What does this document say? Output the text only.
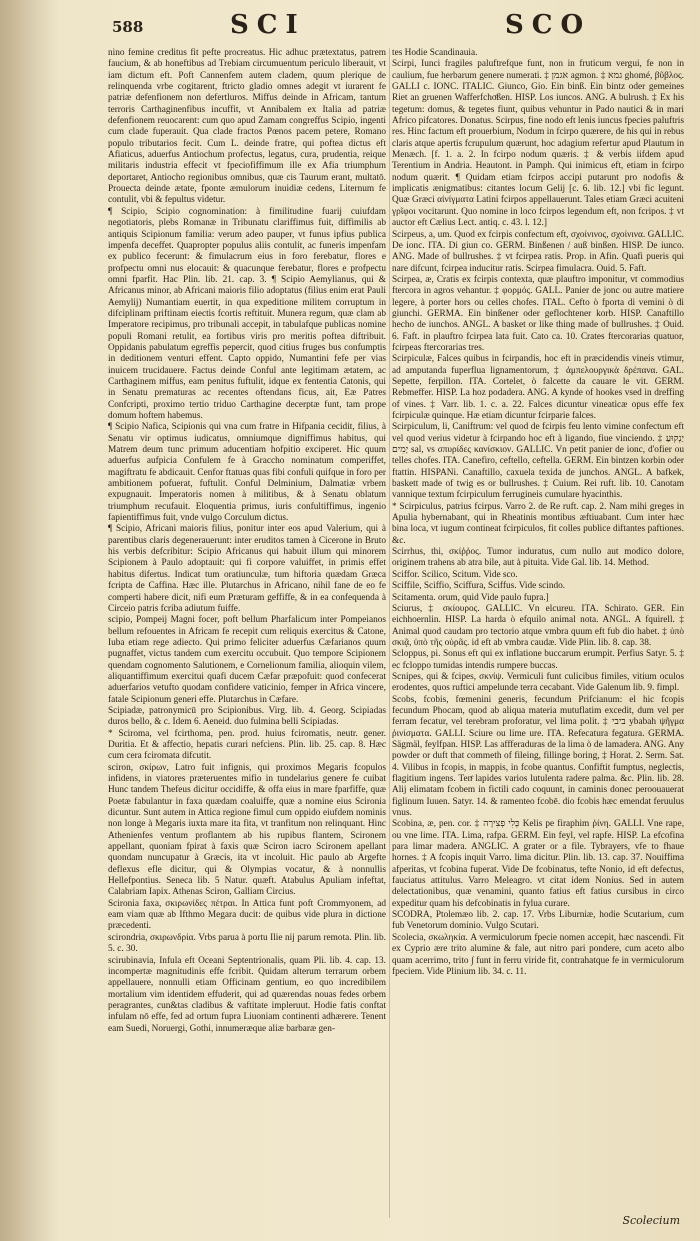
588	SCI	SCO

nino femine creditus fit pefte procreatus. Hic adhuc prætextatus, patrem faucium, & ab honeftibus ad Trebiam circumuentum periculo liberauit, vt iam dictum eft. Poft Cannenfem autem cladem, quum plerique de relinquenda vrbe cogitarent, ftricto gladio omnes adegit vt iurarent fe patriæ defenfionem non defertluros. Miffus deinde in Africam, tantum terroris Carthaginenfibus incuffit, vt Annibalem ex Italia ad patriæ defenfionem reuocarent: cum quo apud Zamam congreffus Scipio, ingenti cum clade fuperauit. Qua clade fractos Pœnos pacem petere, Romano populo tributarios fecit. Cum L. deinde fratre, qui poftea dictus eft Afiaticus, aduerfus Antiochum profectus, legatus, cura, prudentia, reique militaris industria effecit vt fpeciofiffimum ille ex Afia triumphum deportaret, Antiocho regionibus omnibus, quæ cis Taurum erant, multatō. Prouecta deinde ætate, fponte æmulorum inuidiæ cedens, Liternum fe contulit, vbi & fepultus videtur.

¶ Scipio, Scipio cognomination: à fimilitudine fuarij cuiufdam negotiatoris, plebs Romanæ in Tribunatu clariffimus fuit, diffimilis ab antiquis Scipionum familia: verum adeo pauper, vt funus ipfius publica impenfa deceffet. Quapropter populus aliis contulit, ac funeris impenfam ex publico fecerunt: & fimulacrum eius in foro ferebatur, flores e profpectu omni nus elocauit: & quacunque ferebatur, flores e profpectu omni fparfit. Hac Plin. lib. 21. cap. 3. ¶ Scipio Aemylianus, qui & Africanus minor, ab Africani maioris filio adoptatus (filius enim erat Pauli Aemylij) Numantiam euertit, in qua expeditione militem corruptum in difciplinam priftinam eiectis fcortis reftituit. Munera regum, quæ clam ab Imperatore recipimus, pro tribunali accepit, in tabulafque publicas nomine populi Romani retulit, ea fortibus viris pro meritis poftea diftribuit. Oppidanis pabulatum egreffis pepercit, quod citius fruges bus confumptis in deditionem venturi effent. Capto oppido, Numantini fefe per vias inuicem trucidauere. Factus deinde Conful ante legitimam ætatem, ac Carthaginem miffus, eam penitus fuftulit, idque ex fententia Catonis, qui in Senatu prematuras ac recentes oftendans ficus, ait, Eæ Patres Confcripti, proximo tertio triduo Carthagine decerptæ funt, tam prope domum hoftem habemus.

¶ Scipio Nafica, Scipionis qui vna cum fratre in Hifpania cecidit, filius, à Senatu vir optimus iudicatus, omniumque digniffimus habitus, qui Matrem deum tunc primum aducentiam hofpitio exciperet. Hic quum aduerfus aufpicia Confulem fe à Graccho nominatum comperiffet, magiftratu fe abdicauit. Cenfor ftatuas quas fibi confuli quifque in foro per ambitionem pofuerat, fuftulit. Conful Delminium, Dalmatiæ vrbem expugnauit. Imperatoris nomen à militibus, & à Senatu oblatum triumphum recufauit. Eloquentia primus, iuris confultiffimus, ingenio fapientiffimus fuit, vnde vulgo Corculum dictus.

¶ Scipio, Africani maioris filius, ponitur inter eos apud Valerium, qui à parentibus claris degenerauerunt: inter eruditos tamen à Cicerone in Bruto his verbis defcribitur: Scipio Africanus qui habuit illum qui minorem Scipionem à Paulo adoptauit: qui fi corpore valuiffet, in primis effet habitus difertus. Indicat tum oratiunculæ, tum hiftoria quædam Græca fcripta de Caffina. Hæc ille. Plutarchus in Africano, nihil fane de eo fe comperti habere dicit, nifi eum Præturam geffiffe, & in ea confequenda à Circeio patris fcriba adiutum fuiffe.

scipio, Pompeij Magni focer, poft bellum Pharfalicum inter Pompeianos bellum refouentes in Africam fe recepit cum reliquis exercitus & Catone, Iuba etiam rege adiecto. Qui primo feliciter aduerfus Cæfarianos quum pugnaffet, victus tandem cum exercitu occubuit. Quo tempore Scipionem quendam cognomento Salutionem, e Cornelionum familia, alioquin vilem, aliquantiffimum exercitui quafi ducem Cæfar præpofuit: quod confecerat aduerfarios vetufto quodam confidere vaticinio, femper in Africa vincere, fatale Scipionum generi effe. Plutarchus in Cæfare.

Scipiadæ, patronymicū pro Scipionibus. Virg. lib. 4. Georg. Scipiadas duros bello, & c. Idem 6. Aeneid. duo fulmina belli Scipiadas.

* Sciroma, vel fcirthoma, pen. prod. huius fciromatis, neutr. gener. Duritia. Et & affectio, hepatis curari nefciens. Plin. lib. 25. cap. 8. Hæc cum cera fciromata difcutit.

sciron, σκίρων, Latro fuit infignis, qui proximos Megaris fcopulos infidens, in viatores præteruentes mifio in tundelarius genere fe cuibat Hunc tandem Thefeus dicitur occidiffe, & offa eius in mare fparfiffe, quæ Poetæ fabulantur in faxa quædam coaluiffe, quæ a nomine eius Scironia dicuntur. Sunt autem in Attica regione fimul cum oppido eiufdem nominis non longe à Megaris iuxta mare ita fita, vt tranfitum non relinquant. Hinc Athenienfes ventum proflantem ab his rupibus flantem, Scironem appellant, quoniam fpirat à faxis quæ Sciron iacro Scironem apellant quondam nuncupatur à Græcis, ita vt incoluit. Hic paulo ab Argefte deflexus efle dicitur, qui & Olympias vocatur, & à nonnullis Hellefpontius. Seneca lib. 5 Natur. quæft. Atabulus Apuliam infeftat, Calabriam Iapix. Athenas Sciron, Galliam Circius.

Scironia faxa, σκιρωνίδες πέτραι. In Attica funt poft Crommyonem, ad eam viam quæ ab Ifthmo Megara ducit: de quibus vide plura in dictione præcedenti.

scirondria, σκιρωνδρία. Vrbs parua à portu Ilie nij parum remota. Plin. lib. 5. c. 30.

scirubinavia, Infula eft Oceani Septentrionalis, quam Pli. lib. 4. cap. 13. incompertæ magnitudinis effe fcribit. Quidam alterum terrarum orbem appellauere, nonnulli etiam Officinam gentium, eo quo incredibilem mortalium vim identidem effuderit, qui ad quærendas nouas fedes orbem peragrantes, cun&tas cladibus & vaftitate impleruut. Hodie fatis conftat infulam nō effe, fed ad ortum fupra Liuoniam continenti adhærere. Tenent eam Suedi, Noruergi, Gothi, innumeræque aliæ barbaræ gen-

tes Hodie Scandinauia.

Scirpi, Iunci fragiles paluftrefque funt, non in fruticum vergui, fe non in caulium, fue herbarum genere numerati. ‡ אגמן agmon. ‡ גמא ghomé, βῦβλος. GALLI c. IONC. ITALIC. Giunco, Gio. Ein binß. Ein bintz oder gemeines Riet an gruenen Wafferfchoͤßen. HISP. Los iuncos. ANG. A bulrush. ‡ Ex his tegetum: domus, & tegetes fiunt, quibus vehuntur in Pado nautici & in mari Africo pifcatores. Donatus. Scirpus, fine nodo eft lenis iuncus fpecies paluftris res. Hinc factum eft prouerbium, Nodum in fcirpo quærere, de his qui in rebus claris atque apertis fcrupulum quærunt, hoc adagium refertur apud Plautum in Menæch. [f. 1. a. 2. In fcirpo nodum quæris. ‡ & verbis iifdem apud Terentium in Andria. Heautont. in Pamph. Qui inimicus eft, etiam in fcirpo nodum quærit. ¶ Quidam etiam fcirpos accipi putarunt pro nodofis & implicatis ænigmatibus: citantes locum Gelij [c. 6. lib. 12.] vbi fic legunt. Quæ Græci αἰνίγματα Latini fcirpos appellauerunt. Tales etiam Græci acuiteni γρῖφοι vocitarunt. Quo nomine in loco fcirpos legendum eft, non fcripos. ‡ vt auctor eft Cælius Lect. antiq. c. 43. l. 12.]

Scirpeus, a, um. Quod ex fcirpis confectum eft, σχοίνινος, σχοίνινα. GALLIC. De ionc. ITA. Di giun co. GERM. Binßenen / auß binßen. HISP. De iunco. ANG. Made of bullrushes. ‡ vt fcirpea ratis. Prop. in Afin. Quafi pueris qui nare difcunt, fcirpea inducitur ratis. Scirpea fimulacra. Ouid. 5. Faft.

Scirpea, æ, Cratis ex fcirpis contexta, quæ plauftro imponitur, vt commodius ftercora in agros vehantur. ‡ φορμός. GALL. Panier de jonc ou autre matiere legere, à porter hors ou celles chofes. ITAL. Cefto ò fporta di vemini ò di giunchi. GERMA. Ein binßener oder geflochtener korb. HISP. Canaftillo hecho de iunchos. ANGL. A basket or like thing made of bullrushes. ‡ Ouid. 6. Faft. in plauftro fcirpea lata fuit. Cato ca. 10. Crates ftercorarias quatuor, fcirpeas ftercorarias tres.

Scirpiculæ, Falces quibus in fcirpandis, hoc eft in præcidendis vineis vtimur, ad amputanda fuperflua lignamentorum, ‡ ἀμπελουργικὰ δρέπανα. GAL. Sepette, ferpillon. ITA. Cortelet, ò falcette da cauare le vit. GERM. Rebmeffer. HISP. La hoz podadera. ANG. A kynde of hookes vsed in dreffing of vines. ‡ Varr. lib. 1. c. a. 22. Falces dicuntur vineaticæ opus effe fex fcirpiculæ quinque. Hæ etiam dicuntur fcirparie falces.

Scirpiculum, li, Caniftrum: vel quod de fcirpis feu lento vimine confectum eft vel quod verius videtur à fcirpando hoc eft à ligando, fiue vinciendo. ‡ יַנְקוּעַ יָמִים sal, vs σπυρίδες κανίσκιον. GALLIC. Vn petit panier de ionc, d'ofier ou telles chofes. ITA. Canefiro, ceftello, ceftella. GERM. Ein bintzen korbin oder ftattin. HISPANi. Canaftillo, caxuela texida de junchos. ANGL. A bafkek, baskett made of twig es or bullrushes. ‡ Cuium. Rei ruft. lib. 10. Canotam vannique textum fcirpiculum ferrugineis cumulare hyacinthis.

* Scirpiculus, patrius fcirpus. Varro 2. de Re ruft. cap. 2. Nam mihi greges in Apulia hybernabant, qui in Rheatinis montibus æftiuabant. Cum inter hæc bina loca, vt iugum contineat fcirpiculos, fit colles publice diftantes paftiones. &c.

Scirrhus, thi, σκίῤῥος. Tumor induratus, cum nullo aut modico dolore, originem trahens ab atra bile, aut à pituita. Vide Gal. lib. 14. Method.

Sciffor. Scilico, Scitum. Vide sco.

Sciffile, Sciffio, Sciffura, Sciffus. Vide scindo.

Scitamenta. orum, quid Vide paulo fupra.]

Sciurus, ‡ σκίουρος. GALLIC. Vn elcureu. ITA. Schirato. GER. Ein eichhoernlin. HISP. La harda ò efquilo animal nota. ANGL. A fquirell. ‡ Animal quod caudam pro tectorio atque vmbra quum eft fub dio habet. ‡ ὑπὸ σκιᾷ, ὑπὸ τῆς οὐρᾶς. id eft ab vmbra caudæ. Vide Plin. lib. 8. cap. 38.

Scloppus, pi. Sonus eft qui ex inflatione buccarum erumpit. Perfius Satyr. 5. ‡ ec fcloppo tumidas intendis rumpere buccas.

Scnipes, qui & fcipes, σκνίψ. Vermiculi funt culicibus fimiles, vitium oculos erodentes, quos ruftici ampelunde terra cecabant. Vide Galenum lib. 9. fimpl.

Scobs, fcobis, fœmenini generis, fecundum Prifcianum: el hic fcopis fecundum Phocam, quod ab aliqua materia mutuflatim excedit, dum vel per ferram fecatur, vel terebram proforatur, vel lima polit. ‡ ביבי ybabah ψῆγμα ῥινίσματα. GALLI. Sciure ou lime ure. ITA. Refecatura fegatura. GERMA. Sägmäl, feylfpan. HISP. Las affferaduras de la lima ò de lamadera. ANG. Any powder or duft that commeth of fileing, fillinge boring, ‡ Horat. 2. Serm. Sat. 4. Vilibus in fcopis, in mappis, in fcobe quantus. Confiftit fumptus, neglectis, flagitium ingens. Tenͤ lapides varios lutulenta radere palma. &c. Plin. lib. 28. Alij elimatam fcobem in fictili cado coquunt, in caminis donec peroouauerat figlinum Iuuen. Satyr. 14. & ramenteo fcobē. dio fcobis hæc emendat feruulus vnus.

Scobina, æ, pen. cor. ‡ כְּלִי פְצִירָה Kelis pe firaphim ῥίνη. GALLI. Vne rape, ou vne lime. ITA. Lima, rafpa. GERM. Ein feyl, vel rapfe. HISP. La efcofina para limar madera. ANGLIC. A grater or a file. Tybrayers, vfe to fhaue hornes. ‡ A fcopis inquit Varro. lima dicitur. Plin. lib. 13. cap. 37. Nouiffima afperitas, vt fcobina fuperat. Vide De fcobinatus, tefte Nonio, id eft defectus, fauciatus attitulus. Varro Meleagro. vt citat idem Nonius. Sed in autem delectationibus, quæ venamini, quanto fatius eft fatius cursibus in circo expeditur quam his defcobinatis in fylua curare.

SCODRA, Ptolemæo lib. 2. cap. 17. Vrbs Liburniæ, hodie Scutarium, cum fub Venetorum dominio. Vulgo Scutari.

Scolecia, σκωληκία. A vermiculorum fpecie nomen accepit, hæc nascendi. Fit ex Cyprio ære trito alumine & fale, aut nitro pari pondere, cum aceto albo quam acerrimo, trito ∫ funt in ferru viride fit, contrahatque fe in vermiculorum fpeciem. Vide Plinium lib. 34. c. 11.

Scolecium
